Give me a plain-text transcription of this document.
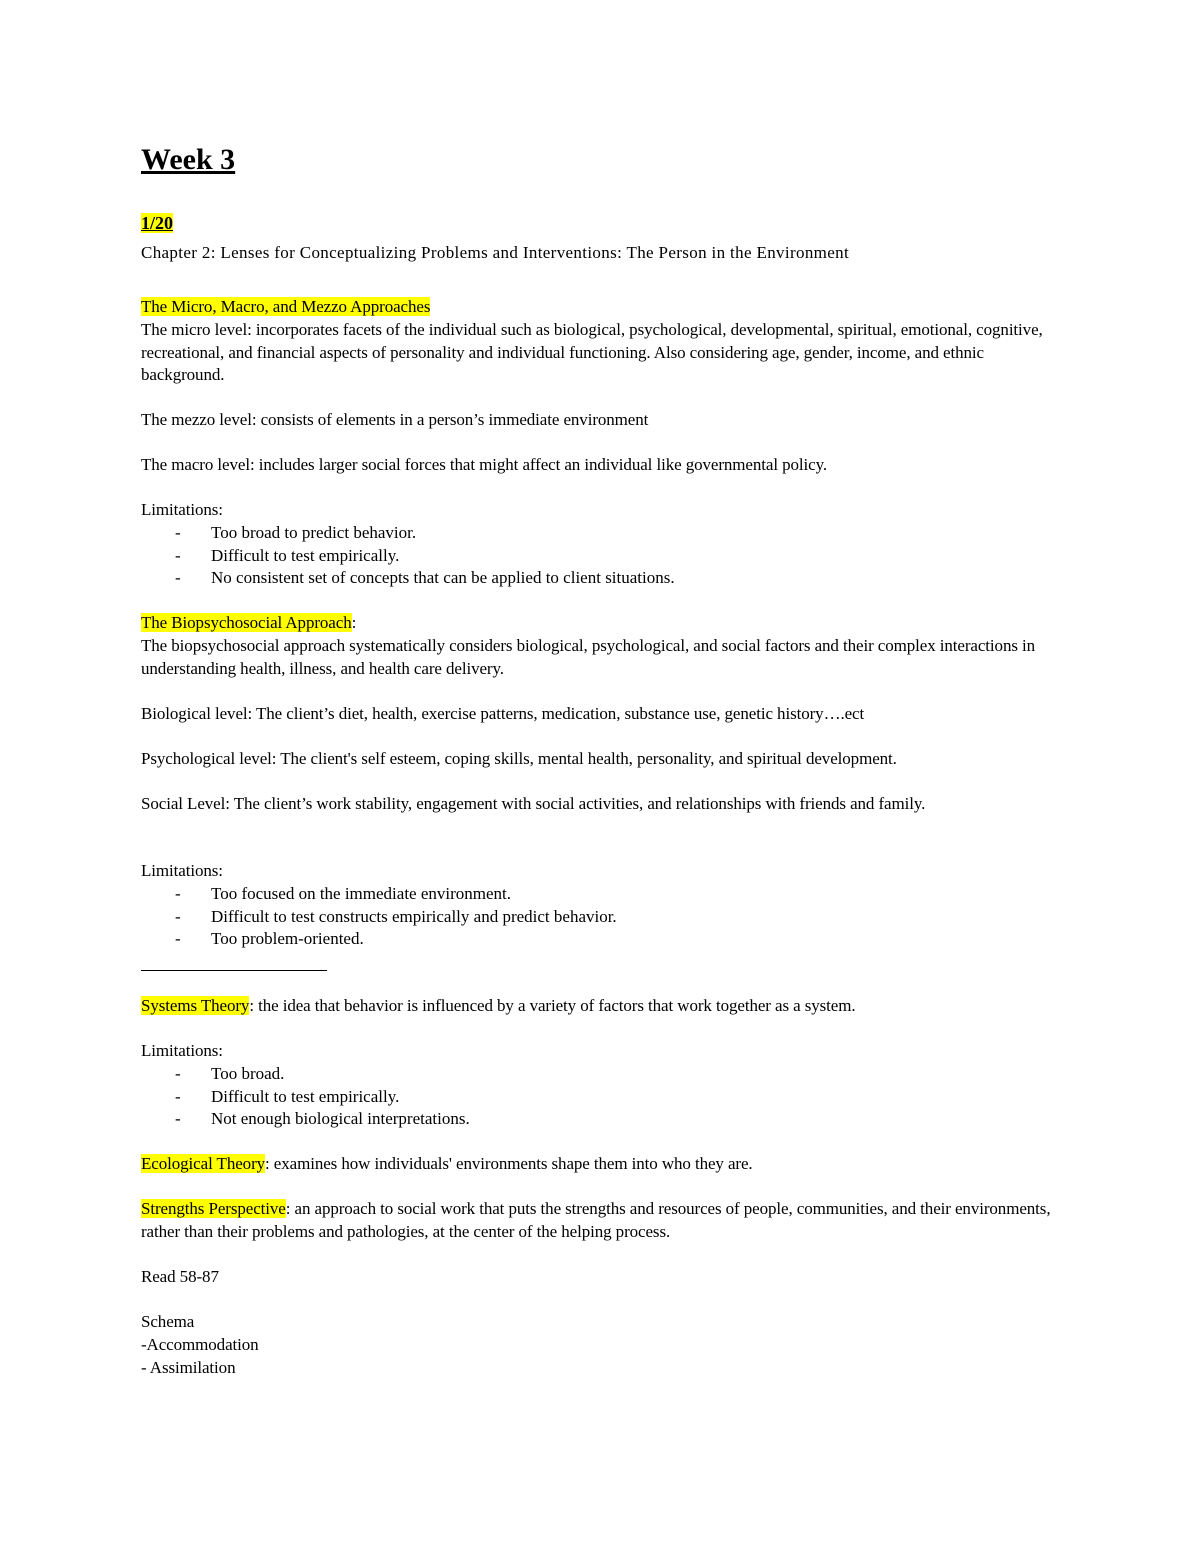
Week 3

1/20

Chapter 2: Lenses for Conceptualizing Problems and Interventions: The Person in the Environment

The Micro, Macro, and Mezzo Approaches

The micro level: incorporates facets of the individual such as biological, psychological, developmental, spiritual, emotional, cognitive, recreational, and financial aspects of personality and individual functioning. Also considering age, gender, income, and ethnic background.

The mezzo level: consists of elements in a person’s immediate environment

The macro level: includes larger social forces that might affect an individual like governmental policy.

Limitations:

- Too broad to predict behavior.
- Difficult to test empirically.
- No consistent set of concepts that can be applied to client situations.

The Biopsychosocial Approach:

The biopsychosocial approach systematically considers biological, psychological, and social factors and their complex interactions in understanding health, illness, and health care delivery.

Biological level: The client’s diet, health, exercise patterns, medication, substance use, genetic history….ect

Psychological level: The client's self esteem, coping skills, mental health, personality, and spiritual development.

Social Level: The client’s work stability, engagement with social activities, and relationships with friends and family.

Limitations:

- Too focused on the immediate environment.
- Difficult to test constructs empirically and predict behavior.
- Too problem-oriented.

Systems Theory: the idea that behavior is influenced by a variety of factors that work together as a system.

Limitations:

- Too broad.
- Difficult to test empirically.
- Not enough biological interpretations.

Ecological Theory: examines how individuals' environments shape them into who they are.

Strengths Perspective: an approach to social work that puts the strengths and resources of people, communities, and their environments, rather than their problems and pathologies, at the center of the helping process.

Read 58-87

Schema

-Accommodation

- Assimilation
